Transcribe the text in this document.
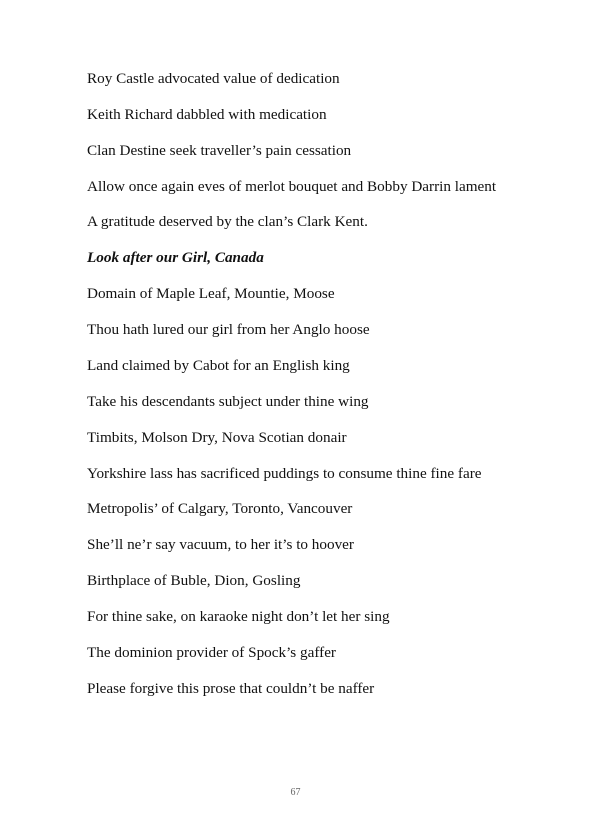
Roy Castle advocated value of dedication

Keith Richard dabbled with medication

Clan Destine seek traveller’s pain cessation

Allow once again eves of merlot bouquet and Bobby Darrin lament

A gratitude deserved by the clan’s Clark Kent.

Look after our Girl, Canada

Domain of Maple Leaf, Mountie, Moose

Thou hath lured our girl from her Anglo hoose

Land claimed by Cabot for an English king

Take his descendants subject under thine wing

Timbits, Molson Dry, Nova Scotian donair

Yorkshire lass has sacrificed puddings to consume thine fine fare

Metropolis’ of Calgary, Toronto, Vancouver

She’ll ne’r say vacuum, to her it’s to hoover

Birthplace of Buble, Dion, Gosling

For thine sake, on karaoke night don’t let her sing

The dominion provider of Spock’s gaffer

Please forgive this prose that couldn’t be naffer

67
